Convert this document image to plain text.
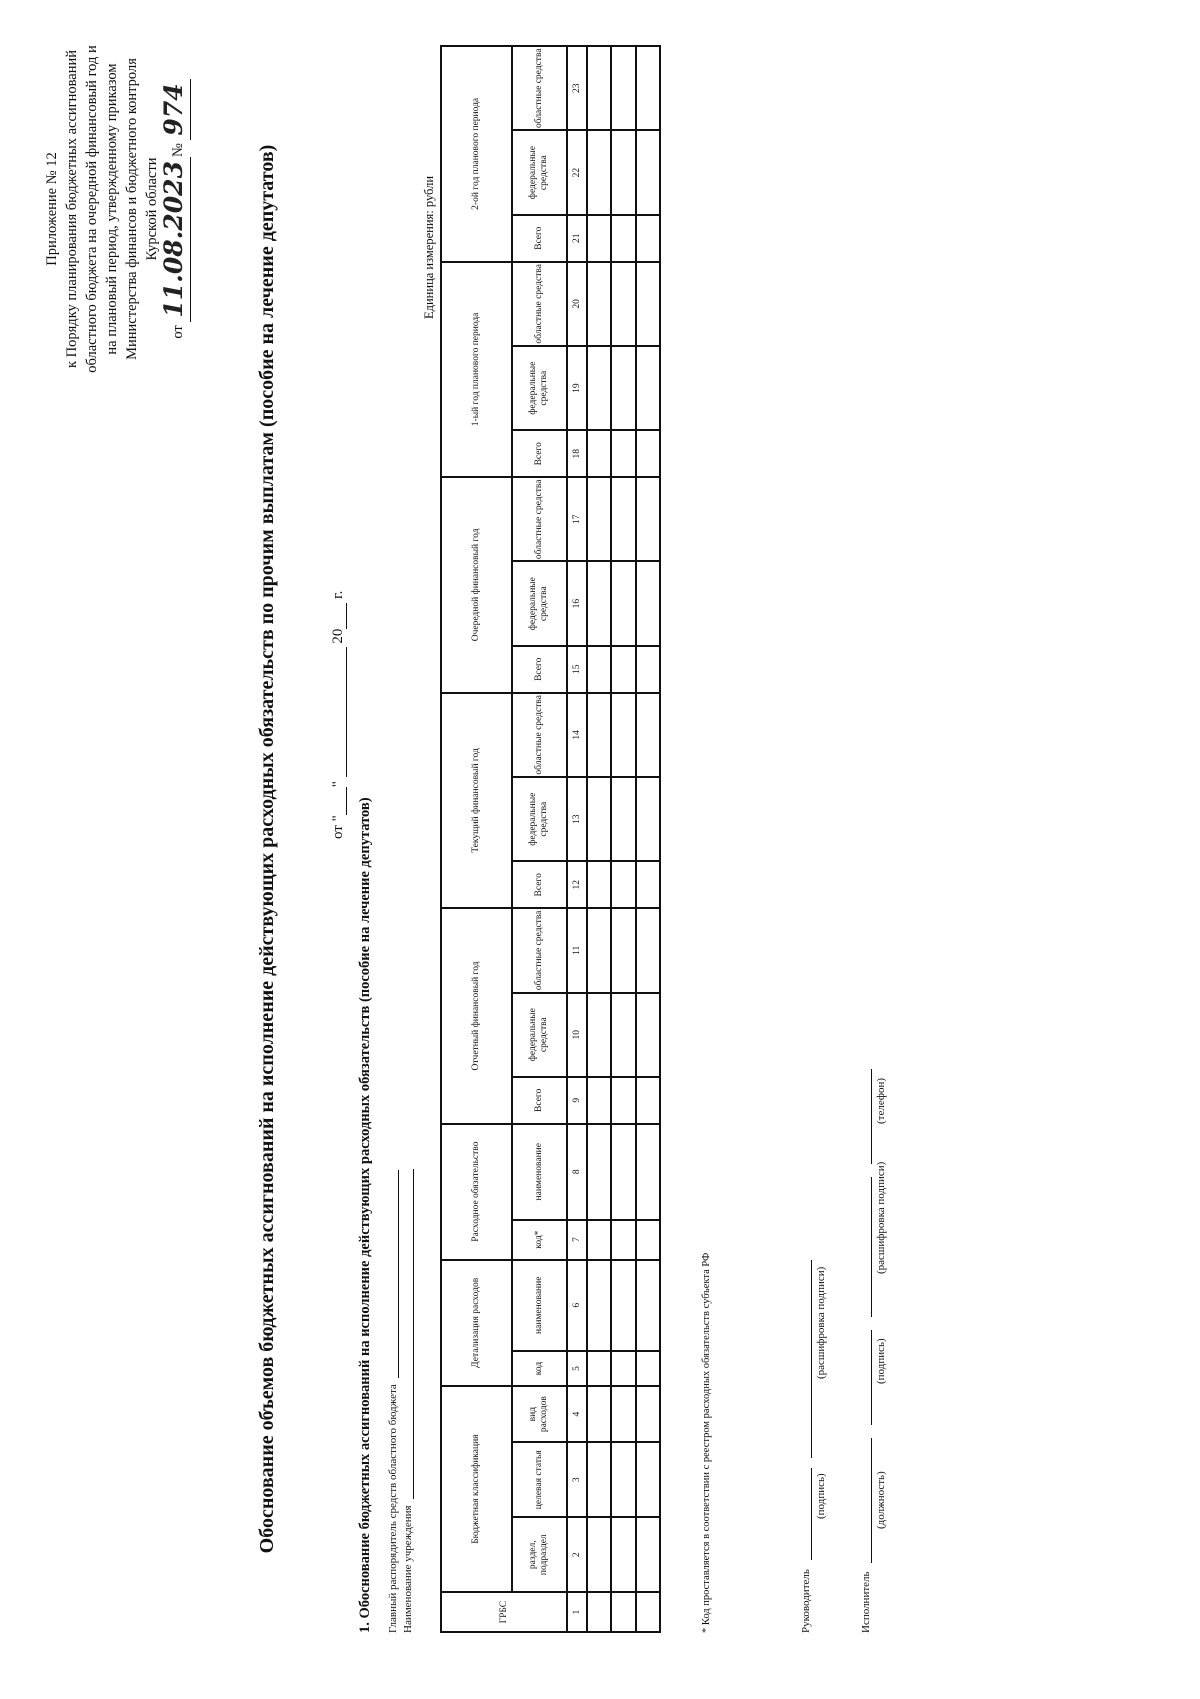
Приложение № 12 к Порядку планирования бюджетных ассигнований областного бюджета на очередной финансовый год и на плановый период, утвержденному приказом Министерства финансов и бюджетного контроля Курской области
от 11.08.2023№ 974
Обоснование объемов бюджетных ассигнований на исполнение действующих расходных обязательств по прочим выплатам (пособие на лечение депутатов)	от ""  20 г.
1. Обоснование бюджетных ассигнований на исполнение действующих расходных обязательств (пособие на лечение депутатов) Главный распорядитель средств областного бюджета Наименование учреждения
Единица измерения: рубли
ГРБС	Бюджетная классификация			Детализация расходов		Расходное обязательство		Отчетный финансовый год			Текущий финансовый год			Очередной финансовый год			1-ый год планового периода			2-ой год планового периода		
	раздел, подраздел	целевая статья	вид расходов	код	наименование	код*	наименование	Всего	федеральные средства	областные средства	Всего	федеральные средства	областные средства	Всего	федеральные средства	областные средства	Всего	федеральные средства	областные средства	Всего	федеральные средства	областные средства
1	2	3	4	5	6	7	8	9	10	11	12	13	14	15	16	17	18	19	20	21	22	23

* Код проставляется в соответствии с реестром расходных обязательств субъекта РФ	Руководитель
(подпись)
(расшифровка подписи)
Исполнитель
(должность)
(подпись)
(расшифровка подписи)
(телефон)
